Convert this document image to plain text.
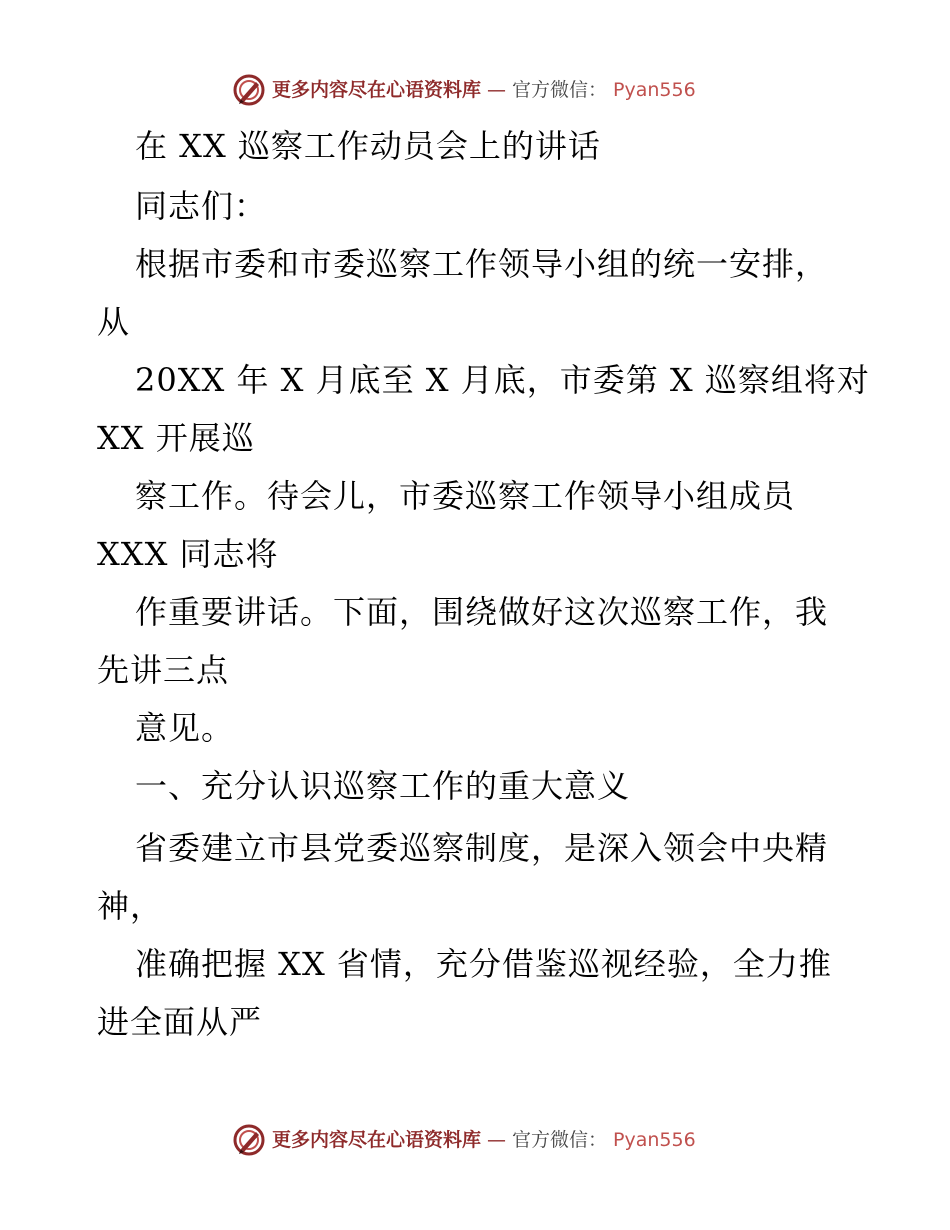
更多内容尽在心语资料库 — 官方微信： Pyan556
在 XX 巡察工作动员会上的讲话
同志们：
根据市委和市委巡察工作领导小组的统一安排，
从
20XX 年 X 月底至 X 月底，市委第 X 巡察组将对
XX 开展巡
察工作。待会儿，市委巡察工作领导小组成员
XXX 同志将
作重要讲话。下面，围绕做好这次巡察工作，我
先讲三点
意见。
一、充分认识巡察工作的重大意义
省委建立市县党委巡察制度，是深入领会中央精
神，
准确把握 XX 省情，充分借鉴巡视经验，全力推
进全面从严
更多内容尽在心语资料库 — 官方微信： Pyan556
